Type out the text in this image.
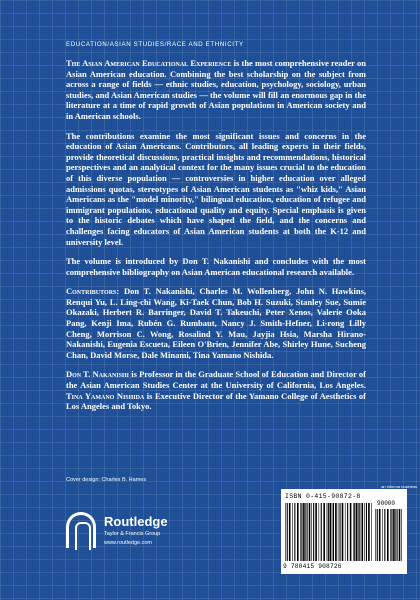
EDUCATION/ASIAN STUDIES/RACE AND ETHNICITY

The Asian American Educational Experience is the most comprehensive reader on Asian American education. Combining the best scholarship on the subject from across a range of fields — ethnic studies, education, psychology, sociology, urban studies, and Asian American studies — the volume will fill an enormous gap in the literature at a time of rapid growth of Asian populations in American society and in American schools.

The contributions examine the most significant issues and concerns in the education of Asian Americans. Contributors, all leading experts in their fields, provide theoretical discussions, practical insights and recommendations, historical perspectives and an analytical context for the many issues crucial to the education of this diverse population — controversies in higher education over alleged admissions quotas, stereotypes of Asian American students as "whiz kids," Asian Americans as the "model minority," bilingual education, education of refugee and immigrant populations, educational quality and equity. Special emphasis is given to the historic debates which have shaped the field, and the concerns and challenges facing educators of Asian American students at both the K-12 and university level.

The volume is introduced by Don T. Nakanishi and concludes with the most comprehensive bibliography on Asian American educational research available.

Contributors: Don T. Nakanishi, Charles M. Wollenberg, John N. Hawkins, Renqui Yu, L. Ling-chi Wang, Ki-Taek Chun, Bob H. Suzuki, Stanley Sue, Sumie Okazaki, Herbert R. Barringer, David T. Takeuchi, Peter Xenos, Valerie Ooka Pang, Kenji Ima, Rubén G. Rumbaut, Nancy J. Smith-Hefner, Li-rong Lilly Cheng, Morrison C. Wong, Rosalind Y. Mau, Jayjia Hsia, Marsha Hirano-Nakanishi, Eugenia Escueta, Eileen O'Brien, Jennifer Abe, Shirley Hune, Sucheng Chan, David Morse, Dale Minami, Tina Yamano Nishida.

Don T. Nakanishi is Professor in the Graduate School of Education and Director of the Asian American Studies Center at the University of California, Los Angeles. Tina Yamano Nishida is Executive Director of the Yamano College of Aesthetics of Los Angeles and Tokyo.

Cover design: Charles B. Hames
Routledge
Taylor & Francis Group
www.routledge.com
an informa business
ISBN 0-415-90872-8
90000
9 780415 908726
